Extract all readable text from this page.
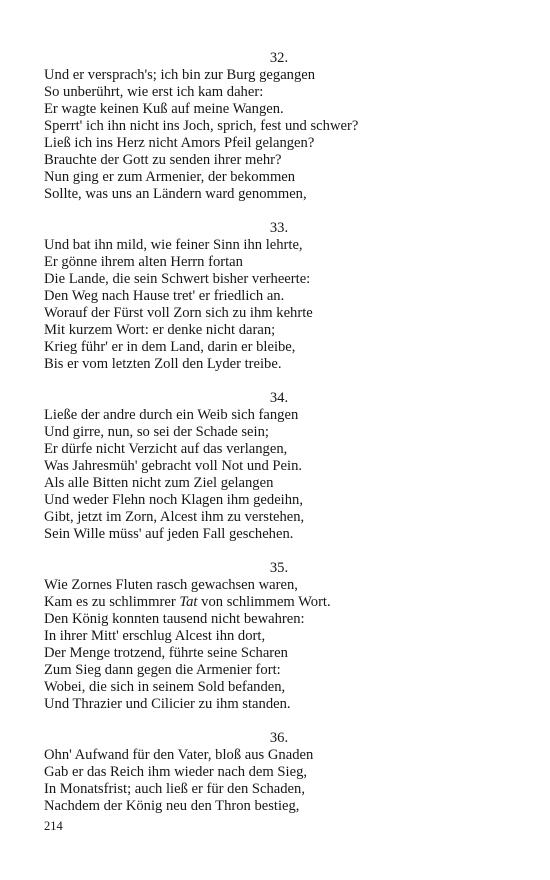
32.
Und er versprach's; ich bin zur Burg gegangen
So unberührt, wie erst ich kam daher:
Er wagte keinen Kuß auf meine Wangen.
Sperrt' ich ihn nicht ins Joch, sprich, fest und schwer?
Ließ ich ins Herz nicht Amors Pfeil gelangen?
Brauchte der Gott zu senden ihrer mehr?
Nun ging er zum Armenier, der bekommen
Sollte, was uns an Ländern ward genommen,
33.
Und bat ihn mild, wie feiner Sinn ihn lehrte,
Er gönne ihrem alten Herrn fortan
Die Lande, die sein Schwert bisher verheerte:
Den Weg nach Hause tret' er friedlich an.
Worauf der Fürst voll Zorn sich zu ihm kehrte
Mit kurzem Wort: er denke nicht daran;
Krieg führ' er in dem Land, darin er bleibe,
Bis er vom letzten Zoll den Lyder treibe.
34.
Ließe der andre durch ein Weib sich fangen
Und girre, nun, so sei der Schade sein;
Er dürfe nicht Verzicht auf das verlangen,
Was Jahresmüh' gebracht voll Not und Pein.
Als alle Bitten nicht zum Ziel gelangen
Und weder Flehn noch Klagen ihm gedeihn,
Gibt, jetzt im Zorn, Alcest ihm zu verstehen,
Sein Wille müss' auf jeden Fall geschehen.
35.
Wie Zornes Fluten rasch gewachsen waren,
Kam es zu schlimmrer Tat von schlimmem Wort.
Den König konnten tausend nicht bewahren:
In ihrer Mitt' erschlug Alcest ihn dort,
Der Menge trotzend, führte seine Scharen
Zum Sieg dann gegen die Armenier fort:
Wobei, die sich in seinem Sold befanden,
Und Thrazier und Cilicier zu ihm standen.
36.
Ohn' Aufwand für den Vater, bloß aus Gnaden
Gab er das Reich ihm wieder nach dem Sieg,
In Monatsfrist; auch ließ er für den Schaden,
Nachdem der König neu den Thron bestieg,
214
